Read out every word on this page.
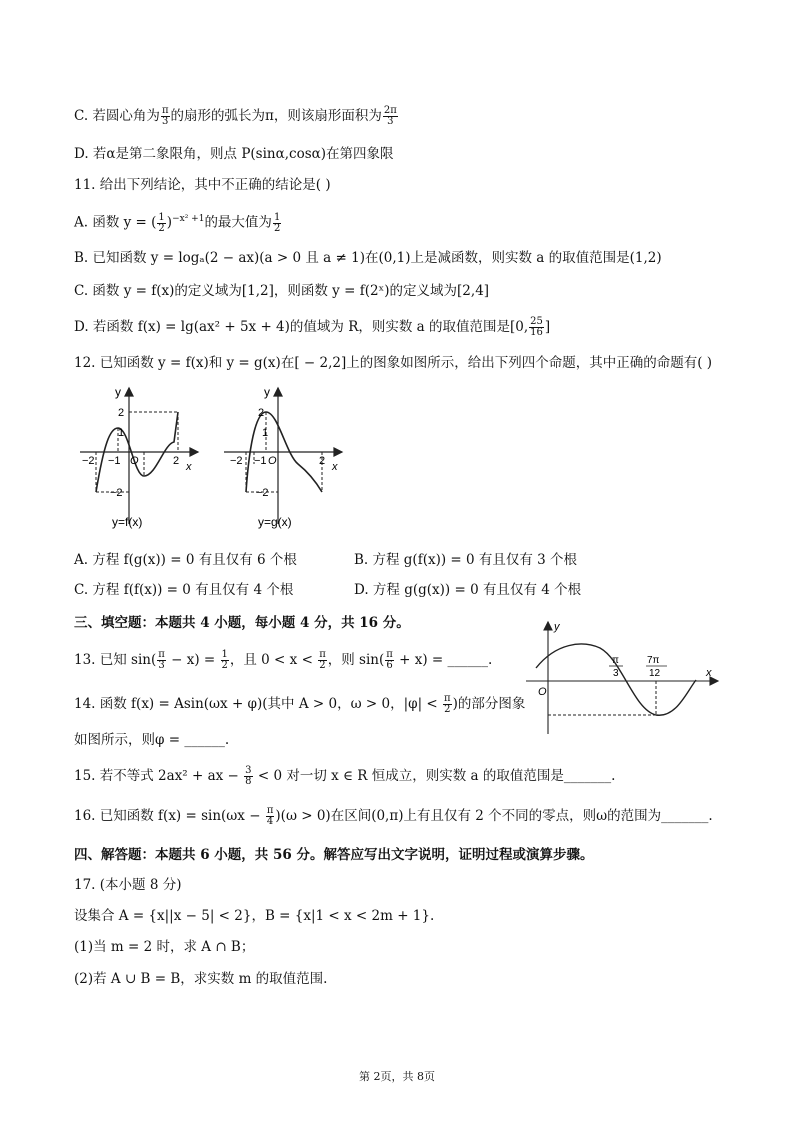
C. 若圆心角为 $\frac{\pi}{3}$ 的扇形的弧长为π，则该扇形面积为 $\frac{2\pi}{3}$
D. 若α是第二象限角，则点 P(sinα,cosα)在第四象限
11. 给出下列结论，其中不正确的结论是( )
A. 函数 y = ( $\frac{1}{2} )^{-x^2 +1}$的最大值为 $\frac{1}{2}$
B. 已知函数 y = logₐ(2 − ax)(a > 0 且 a ≠ 1)在(0,1)上是减函数，则实数 a 的取值范围是(1,2)
C. 函数 y = f(x)的定义域为[1,2]，则函数 y = f(2ˣ)的定义域为[2,4]
D. 若函数 f(x) = lg(ax² + 5x + 4)的值域为 R，则实数 a 的取值范围是[0, $\frac{25}{16}$ ]
12. 已知函数 y = f(x)和 y = g(x)在[ − 2,2]上的图象如图所示，给出下列四个命题，其中正确的命题有( )
y
x
2
1
O
−2 −1
−2
2
y=f(x)
y
x
2
1
O
−2 −1
−2
2
y=g(x)
A. 方程 f(g(x)) = 0 有且仅有 6 个根	B. 方程 g(f(x)) = 0 有且仅有 3 个根
C. 方程 f(f(x)) = 0 有且仅有 4 个根	D. 方程 g(g(x)) = 0 有且仅有 4 个根
三、填空题：本题共 4 小题，每小题 4 分，共 16 分。
13. 已知 $\sin( \frac{\pi}{3} - x) = \frac{1}{2}$ ，且 $0 < x < \frac{\pi}{2}$ ，则 $\sin( \frac{\pi}{6} + x)$ = ______.
14. 函数 f(x) = Asin(ωx + φ)(其中 A > 0，ω > 0，$|\varphi| < \frac{\pi}{2}$ )的部分图象
如图所示，则φ = ______.
y
x
O
π
3
7π
12
15. 若不等式 2ax² + ax − $\frac{3}{8} < 0$ 对一切 x ∈ R 恒成立，则实数 a 的取值范围是_______.
16. 已知函数 $f(x) = \sin(\omega x - \frac{\pi}{4} )(\omega > 0)$在区间(0,π)上有且仅有 2 个不同的零点，则ω的范围为_______.
四、解答题：本题共 6 小题，共 56 分。解答应写出文字说明，证明过程或演算步骤。
17. (本小题 8 分)
设集合 A = {x||x − 5| < 2}，B = {x|1 < x < 2m + 1}.
(1)当 m = 2 时，求 A ∩ B；
(2)若 A ∪ B = B，求实数 m 的取值范围.
第 2页，共 8页
